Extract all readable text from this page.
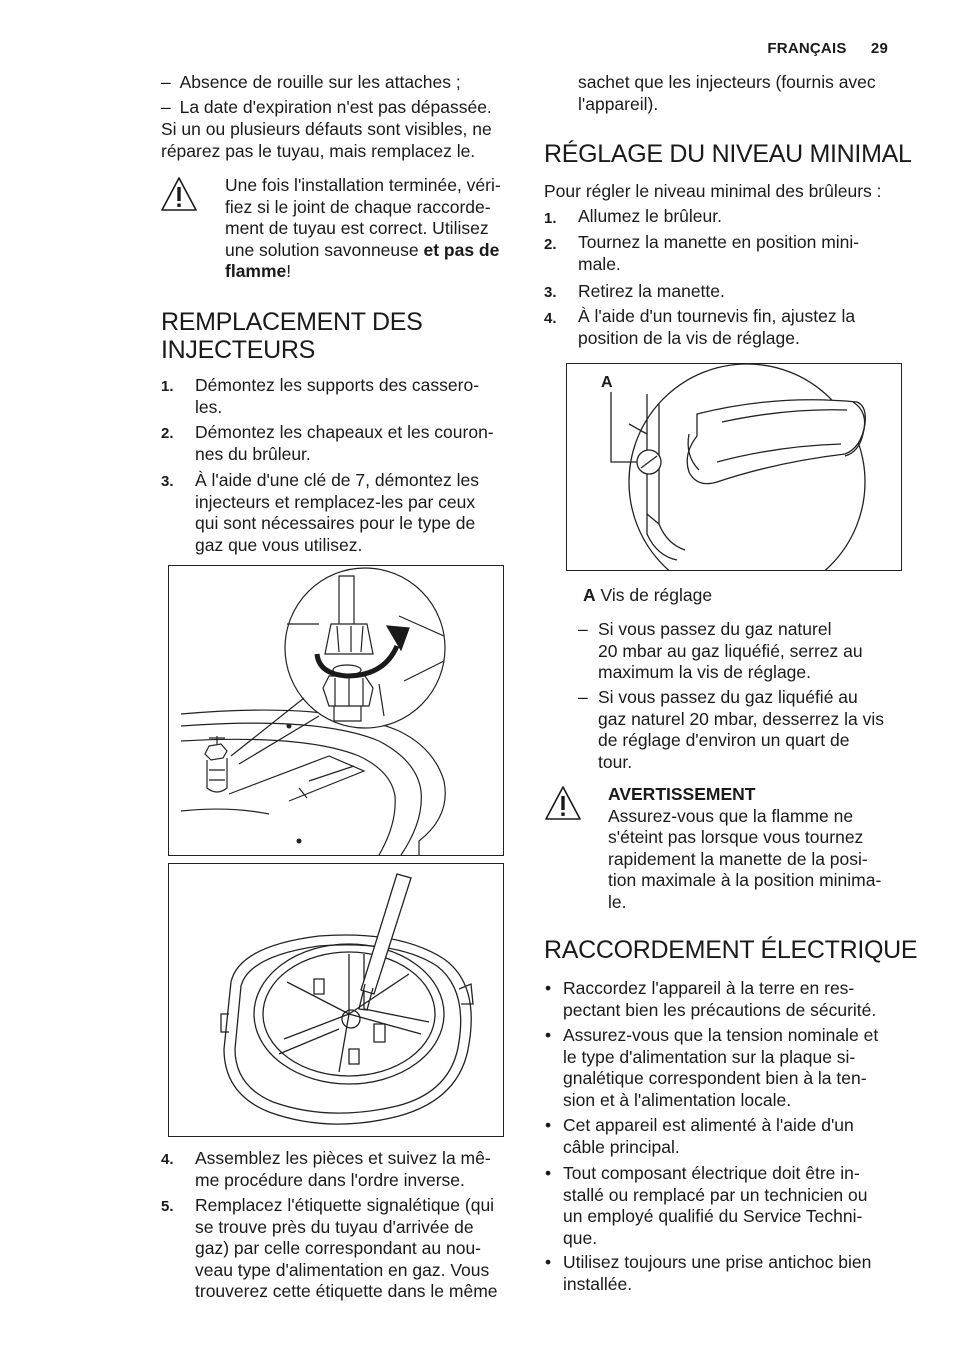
FRANÇAIS 29
– Absence de rouille sur les attaches ;
– La date d'expiration n'est pas dépassée.

Si un ou plusieurs défauts sont visibles, ne réparez pas le tuyau, mais remplacez le.

Une fois l'installation terminée, véri-
fiez si le joint de chaque raccorde-
ment de tuyau est correct. Utilisez
une solution savonneuse et pas de
flamme!
REMPLACEMENT DES
INJECTEURS
1. Démontez les supports des cassero-
les.
2. Démontez les chapeaux et les couron-
nes du brûleur.
3. À l'aide d'une clé de 7, démontez les
injecteurs et remplacez-les par ceux
qui sont nécessaires pour le type de
gaz que vous utilisez.
4. Assemblez les pièces et suivez la mê-
me procédure dans l'ordre inverse.
5. Remplacez l'étiquette signalétique (qui
se trouve près du tuyau d'arrivée de
gaz) par celle correspondant au nou-
veau type d'alimentation en gaz. Vous
trouverez cette étiquette dans le même
sachet que les injecteurs (fournis avec
l'appareil).
RÉGLAGE DU NIVEAU MINIMAL

Pour régler le niveau minimal des brûleurs :

1. Allumez le brûleur.
2. Tournez la manette en position mini-
male.
3. Retirez la manette.
4. À l'aide d'un tournevis fin, ajustez la
position de la vis de réglage.
A
A Vis de réglage
– Si vous passez du gaz naturel
20 mbar au gaz liquéfié, serrez au
maximum la vis de réglage.
– Si vous passez du gaz liquéfié au
gaz naturel 20 mbar, desserrez la vis
de réglage d'environ un quart de
tour.
AVERTISSEMENT
Assurez-vous que la flamme ne
s'éteint pas lorsque vous tournez
rapidement la manette de la posi-
tion maximale à la position minima-
le.
RACCORDEMENT ÉLECTRIQUE
• Raccordez l'appareil à la terre en res-
pectant bien les précautions de sécurité.
• Assurez-vous que la tension nominale et
le type d'alimentation sur la plaque si-
gnalétique correspondent bien à la ten-
sion et à l'alimentation locale.
• Cet appareil est alimenté à l'aide d'un
câble principal.
• Tout composant électrique doit être in-
stallé ou remplacé par un technicien ou
un employé qualifié du Service Techni-
que.
• Utilisez toujours une prise antichoc bien
installée.
